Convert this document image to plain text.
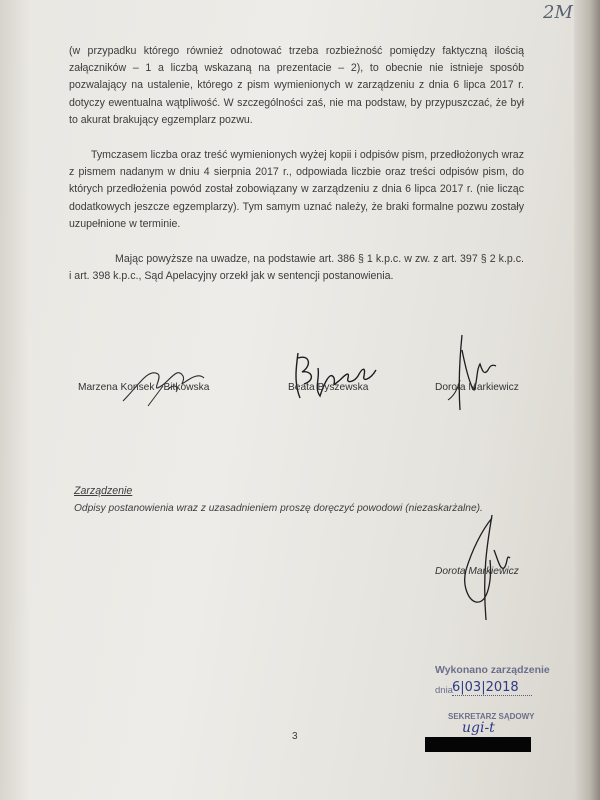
2M

(w przypadku którego również odnotować trzeba rozbieżność pomiędzy faktyczną ilością załączników – 1 a liczbą wskazaną na prezentacie – 2), to obecnie nie istnieje sposób pozwalający na ustalenie, którego z pism wymienionych w zarządzeniu z dnia 6 lipca 2017 r. dotyczy ewentualna wątpliwość. W szczególności zaś, nie ma podstaw, by przypuszczać, że był to akurat brakujący egzemplarz pozwu.

Tymczasem liczba oraz treść wymienionych wyżej kopii i odpisów pism, przedłożonych wraz z pismem nadanym w dniu 4 sierpnia 2017 r., odpowiada liczbie oraz treści odpisów pism, do których przedłożenia powód został zobowiązany w zarządzeniu z dnia 6 lipca 2017 r. (nie licząc dodatkowych jeszcze egzemplarzy). Tym samym uznać należy, że braki formalne pozwu zostały uzupełnione w terminie.

Mając powyższe na uwadze, na podstawie art. 386 § 1 k.p.c. w zw. z art. 397 § 2 k.p.c. i art. 398 k.p.c., Sąd Apelacyjny orzekł jak w sentencji postanowienia.

Marzena Konsek - Bitkowska	Beata Byszewska	Dorota Markiewicz
Zarządzenie
Odpisy postanowienia wraz z uzasadnieniem proszę doręczyć powodowi (niezaskarżalne).
Dorota Markiewicz
Wykonano zarządzenie
dnia 6|03|2018
SEKRETARZ SĄDOWY
ugi-t
3
